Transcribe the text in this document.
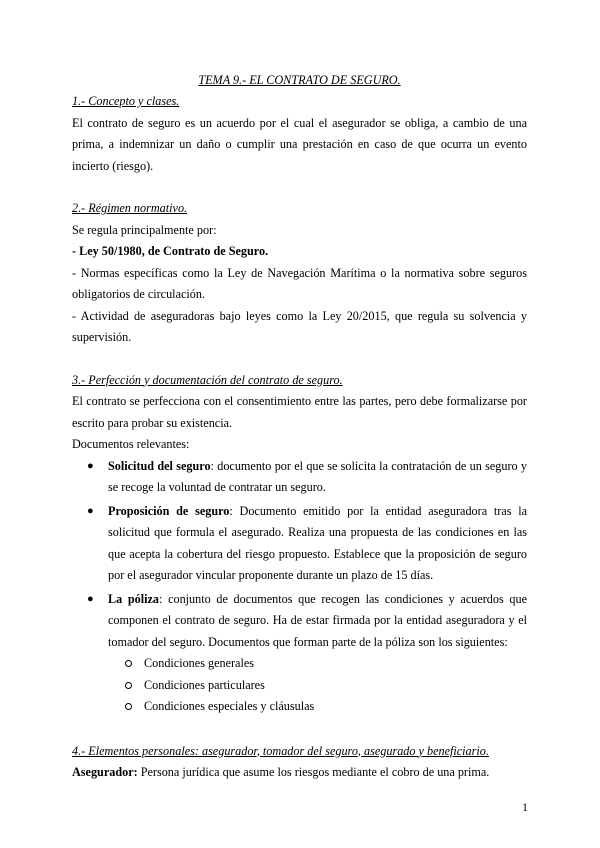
TEMA 9.- EL CONTRATO DE SEGURO.
1.- Concepto y clases.

El contrato de seguro es un acuerdo por el cual el asegurador se obliga, a cambio de una prima, a indemnizar un daño o cumplir una prestación en caso de que ocurra un evento incierto (riesgo).

2.- Régimen normativo.

Se regula principalmente por:

- Ley 50/1980, de Contrato de Seguro.

- Normas específicas como la Ley de Navegación Marítima o la normativa sobre seguros obligatorios de circulación.

- Actividad de aseguradoras bajo leyes como la Ley 20/2015, que regula su solvencia y supervisión.

3.- Perfección y documentación del contrato de seguro.

El contrato se perfecciona con el consentimiento entre las partes, pero debe formalizarse por escrito para probar su existencia.

Documentos relevantes:

● Solicitud del seguro: documento por el que se solicita la contratación de un seguro y se recoge la voluntad de contratar un seguro.
● Proposición de seguro: Documento emitido por la entidad aseguradora tras la solicitud que formula el asegurado. Realiza una propuesta de las condiciones en las que acepta la cobertura del riesgo propuesto. Establece que la proposición de seguro por el asegurador vincular proponente durante un plazo de 15 días.
● La póliza: conjunto de documentos que recogen las condiciones y acuerdos que componen el contrato de seguro. Ha de estar firmada por la entidad aseguradora y el tomador del seguro. Documentos que forman parte de la póliza son los siguientes:
Condiciones generales
Condiciones particulares
Condiciones especiales y cláusulas
4.- Elementos personales: asegurador, tomador del seguro, asegurado y beneficiario.

Asegurador: Persona jurídica que asume los riesgos mediante el cobro de una prima.

1
